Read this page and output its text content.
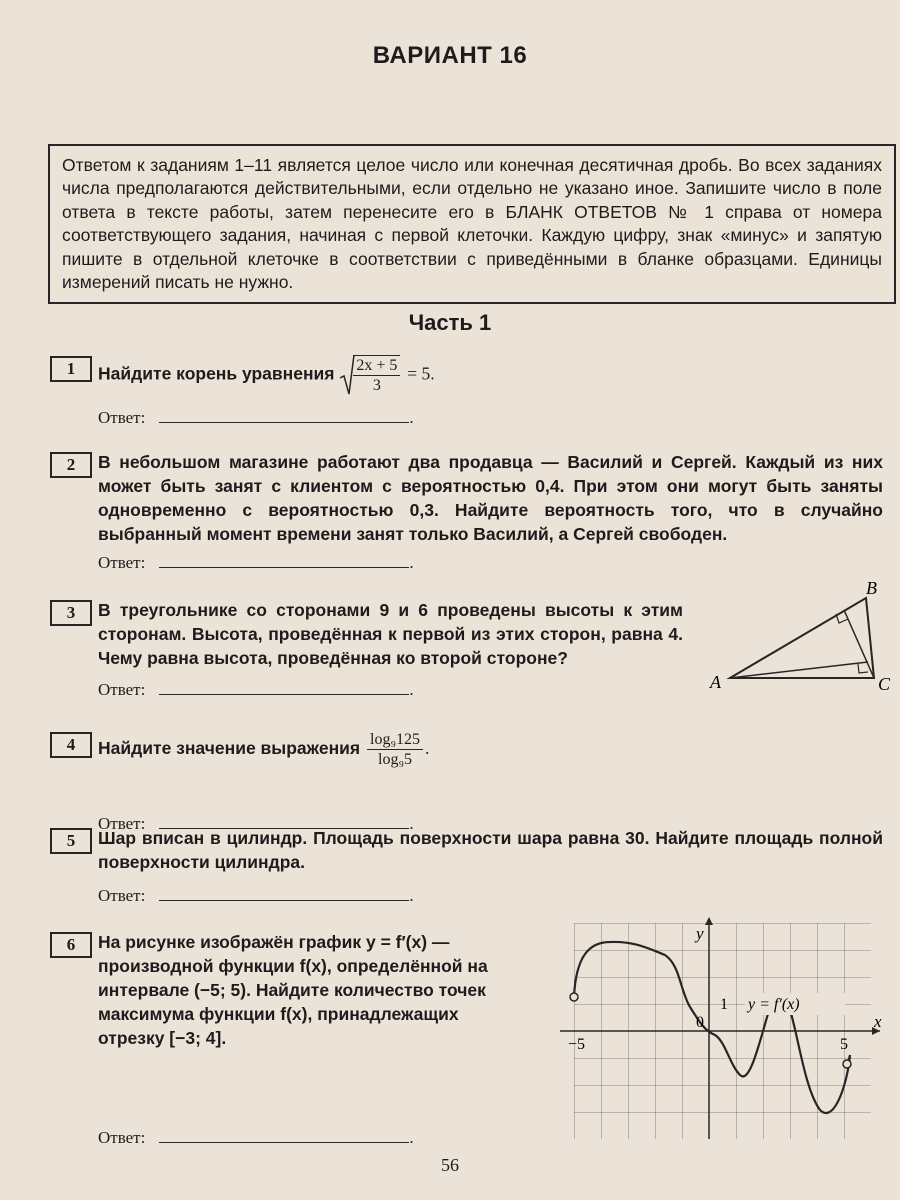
ВАРИАНТ 16
Ответом к заданиям 1–11 является целое число или конечная десятичная дробь. Во всех заданиях числа предполагаются действительными, если отдельно не указано иное. Запишите число в поле ответа в тексте работы, затем перенесите его в БЛАНК ОТВЕТОВ № 1 справа от номера соответствующего задания, начиная с первой клеточки. Каждую цифру, знак «минус» и запятую пишите в отдельной клеточке в соответствии с приведёнными в бланке образцами. Единицы измерений писать не нужно.
Часть 1
1	Найдите корень уравнения $\frac{2x + 5}{3} = 5$.
Ответ:	.
2	В небольшом магазине работают два продавца — Василий и Сергей. Каждый из них может быть занят с клиентом с вероятностью 0,4. При этом они могут быть заняты одновременно с вероятностью 0,3. Найдите вероятность того, что в случайно выбранный момент времени занят только Василий, а Сергей свободен.
Ответ:	.
3	В треугольнике со сторонами 9 и 6 проведены высоты к этим сторонам. Высота, проведённая к первой из этих сторон, равна 4. Чему равна высота, проведённая ко второй стороне?
Ответ:	.	A
B
C
4	Найдите значение выражения $\frac{\text{log₉125}}{\text{log₉5}}$ .
Ответ:	.
5	Шар вписан в цилиндр. Площадь поверхности шара равна 30. Найдите площадь полной поверхности цилиндра.
Ответ:	.
6	На рисунке изображён график y = f′(x) — производной функции f(x), определённой на интервале (−5; 5). Найдите количество точек максимума функции f(x), принадлежащих отрезку [−3; 4].
Ответ:	.
y
x
1
0
−5	5
y = f′(x)
56
